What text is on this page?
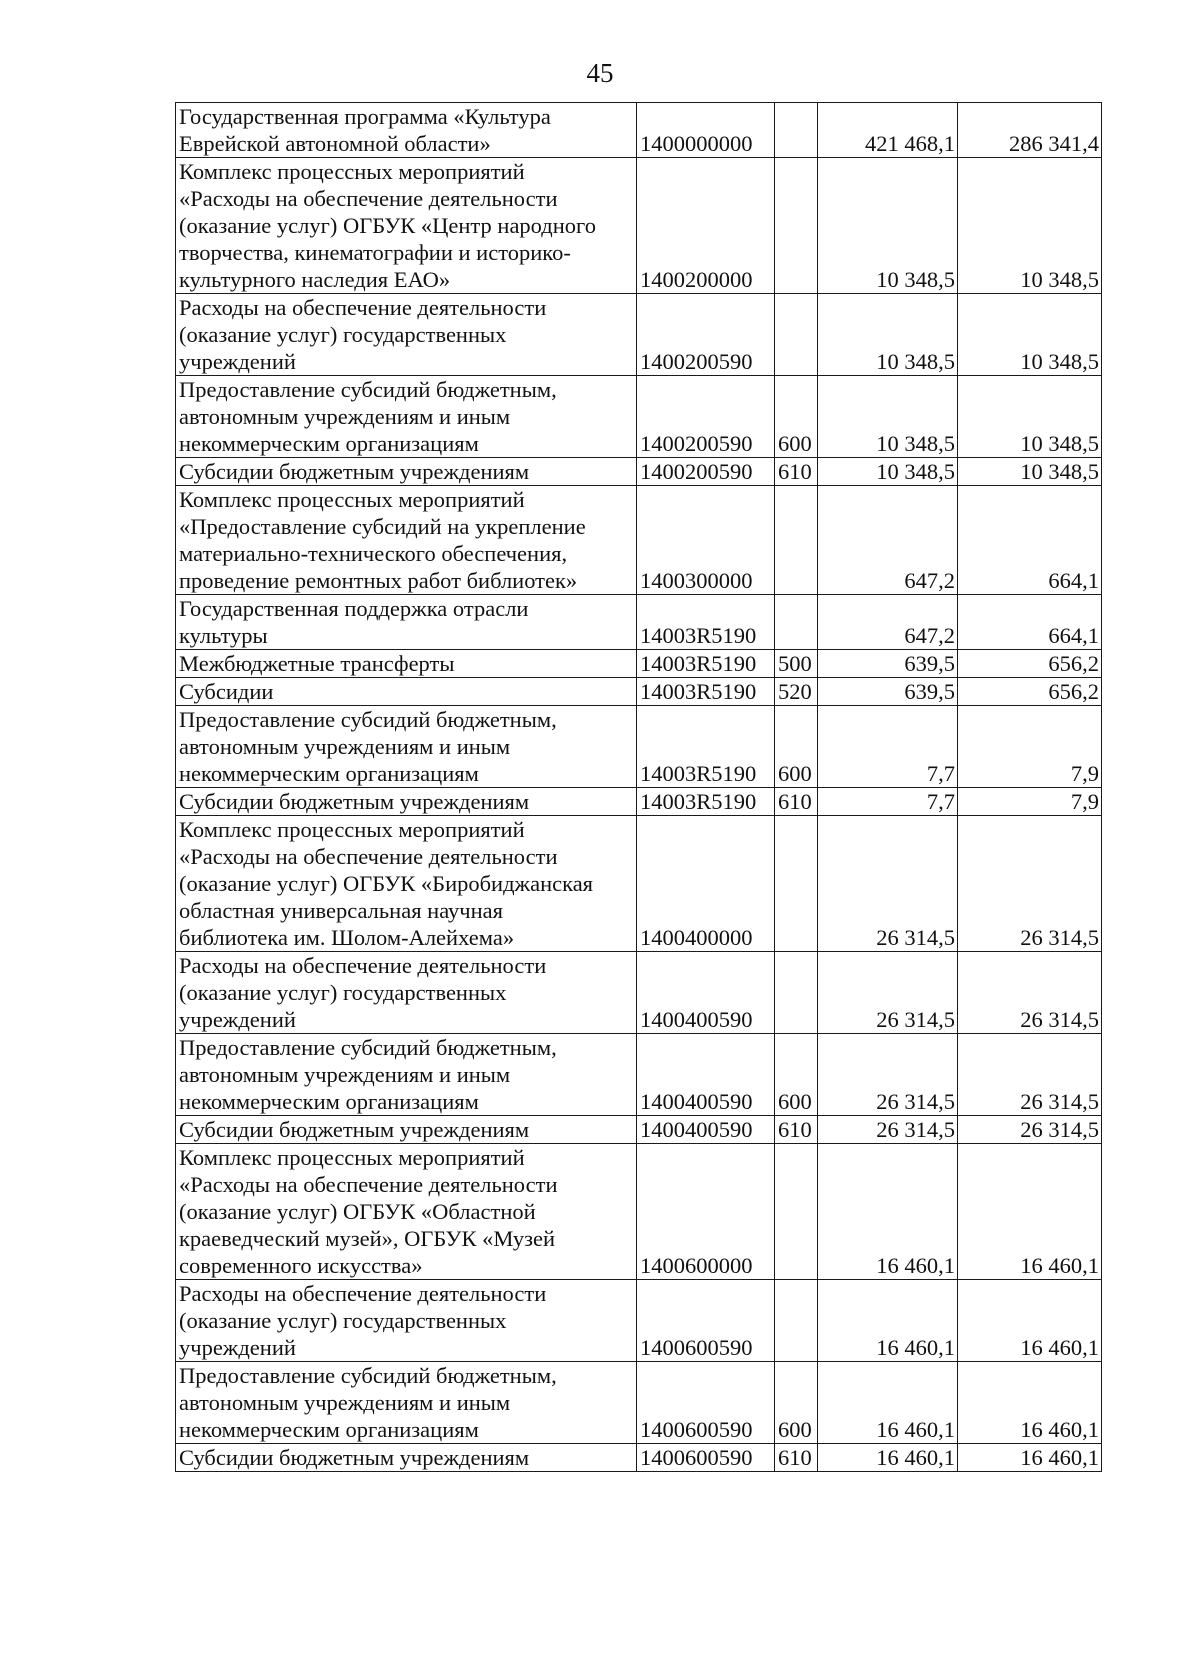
45
Государственная программа «Культура
Еврейской автономной области»	1400000000		421 468,1	286 341,4
Комплекс процессных мероприятий
«Расходы на обеспечение деятельности
(оказание услуг) ОГБУК «Центр народного
творчества, кинематографии и историко-
культурного наследия ЕАО»	1400200000		10 348,5	10 348,5
Расходы на обеспечение деятельности
(оказание услуг) государственных
учреждений	1400200590		10 348,5	10 348,5
Предоставление субсидий бюджетным,
автономным учреждениям и иным
некоммерческим организациям	1400200590	600	10 348,5	10 348,5
Субсидии бюджетным учреждениям	1400200590	610	10 348,5	10 348,5
Комплекс процессных мероприятий
«Предоставление субсидий на укрепление
материально-технического обеспечения,
проведение ремонтных работ библиотек»	1400300000		647,2	664,1
Государственная поддержка отрасли
культуры	14003R5190		647,2	664,1
Межбюджетные трансферты	14003R5190	500	639,5	656,2
Субсидии	14003R5190	520	639,5	656,2
Предоставление субсидий бюджетным,
автономным учреждениям и иным
некоммерческим организациям	14003R5190	600	7,7	7,9
Субсидии бюджетным учреждениям	14003R5190	610	7,7	7,9
Комплекс процессных мероприятий
«Расходы на обеспечение деятельности
(оказание услуг) ОГБУК «Биробиджанская
областная универсальная научная
библиотека им. Шолом-Алейхема»	1400400000		26 314,5	26 314,5
Расходы на обеспечение деятельности
(оказание услуг) государственных
учреждений	1400400590		26 314,5	26 314,5
Предоставление субсидий бюджетным,
автономным учреждениям и иным
некоммерческим организациям	1400400590	600	26 314,5	26 314,5
Субсидии бюджетным учреждениям	1400400590	610	26 314,5	26 314,5
Комплекс процессных мероприятий
«Расходы на обеспечение деятельности
(оказание услуг) ОГБУК «Областной
краеведческий музей», ОГБУК «Музей
современного искусства»	1400600000		16 460,1	16 460,1
Расходы на обеспечение деятельности
(оказание услуг) государственных
учреждений	1400600590		16 460,1	16 460,1
Предоставление субсидий бюджетным,
автономным учреждениям и иным
некоммерческим организациям	1400600590	600	16 460,1	16 460,1
Субсидии бюджетным учреждениям	1400600590	610	16 460,1	16 460,1
